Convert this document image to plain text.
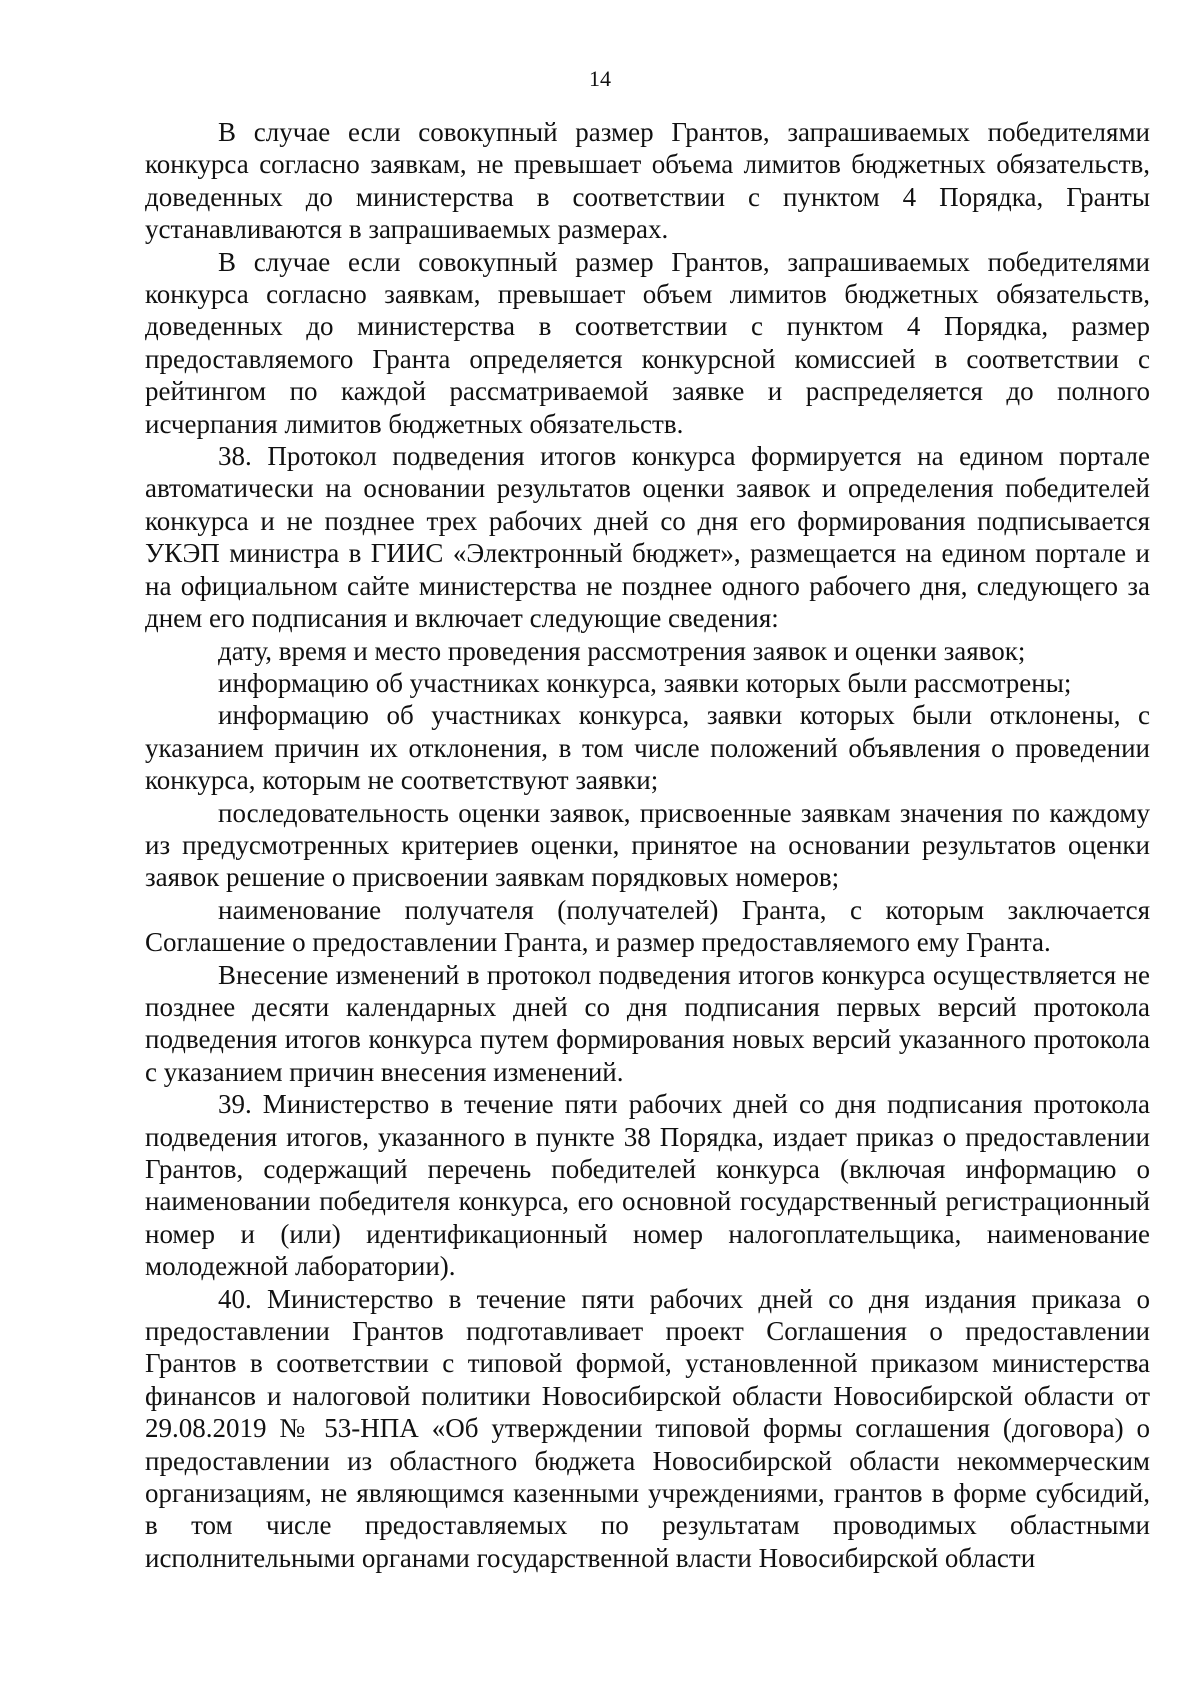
14

В случае если совокупный размер Грантов, запрашиваемых победителями конкурса согласно заявкам, не превышает объема лимитов бюджетных обязательств, доведенных до министерства в соответствии с пунктом 4 Порядка, Гранты устанавливаются в запрашиваемых размерах.

В случае если совокупный размер Грантов, запрашиваемых победителями конкурса согласно заявкам, превышает объем лимитов бюджетных обязательств, доведенных до министерства в соответствии с пунктом 4 Порядка, размер предоставляемого Гранта определяется конкурсной комиссией в соответствии с рейтингом по каждой рассматриваемой заявке и распределяется до полного исчерпания лимитов бюджетных обязательств.

38. Протокол подведения итогов конкурса формируется на едином портале автоматически на основании результатов оценки заявок и определения победителей конкурса и не позднее трех рабочих дней со дня его формирования подписывается УКЭП министра в ГИИС «Электронный бюджет», размещается на едином портале и на официальном сайте министерства не позднее одного рабочего дня, следующего за днем его подписания и включает следующие сведения:

дату, время и место проведения рассмотрения заявок и оценки заявок;

информацию об участниках конкурса, заявки которых были рассмотрены;

информацию об участниках конкурса, заявки которых были отклонены, с указанием причин их отклонения, в том числе положений объявления о проведении конкурса, которым не соответствуют заявки;

последовательность оценки заявок, присвоенные заявкам значения по каждому из предусмотренных критериев оценки, принятое на основании результатов оценки заявок решение о присвоении заявкам порядковых номеров;

наименование получателя (получателей) Гранта, с которым заключается Соглашение о предоставлении Гранта, и размер предоставляемого ему Гранта.

Внесение изменений в протокол подведения итогов конкурса осуществляется не позднее десяти календарных дней со дня подписания первых версий протокола подведения итогов конкурса путем формирования новых версий указанного протокола с указанием причин внесения изменений.

39. Министерство в течение пяти рабочих дней со дня подписания протокола подведения итогов, указанного в пункте 38 Порядка, издает приказ о предоставлении Грантов, содержащий перечень победителей конкурса (включая информацию о наименовании победителя конкурса, его основной государственный регистрационный номер и (или) идентификационный номер налогоплательщика, наименование молодежной лаборатории).

40. Министерство в течение пяти рабочих дней со дня издания приказа о предоставлении Грантов подготавливает проект Соглашения о предоставлении Грантов в соответствии с типовой формой, установленной приказом министерства финансов и налоговой политики Новосибирской области Новосибирской области от 29.08.2019 № 53-НПА «Об утверждении типовой формы соглашения (договора) о предоставлении из областного бюджета Новосибирской области некоммерческим организациям, не являющимся казенными учреждениями, грантов в форме субсидий, в том числе предоставляемых по результатам проводимых областными исполнительными органами государственной власти Новосибирской области
